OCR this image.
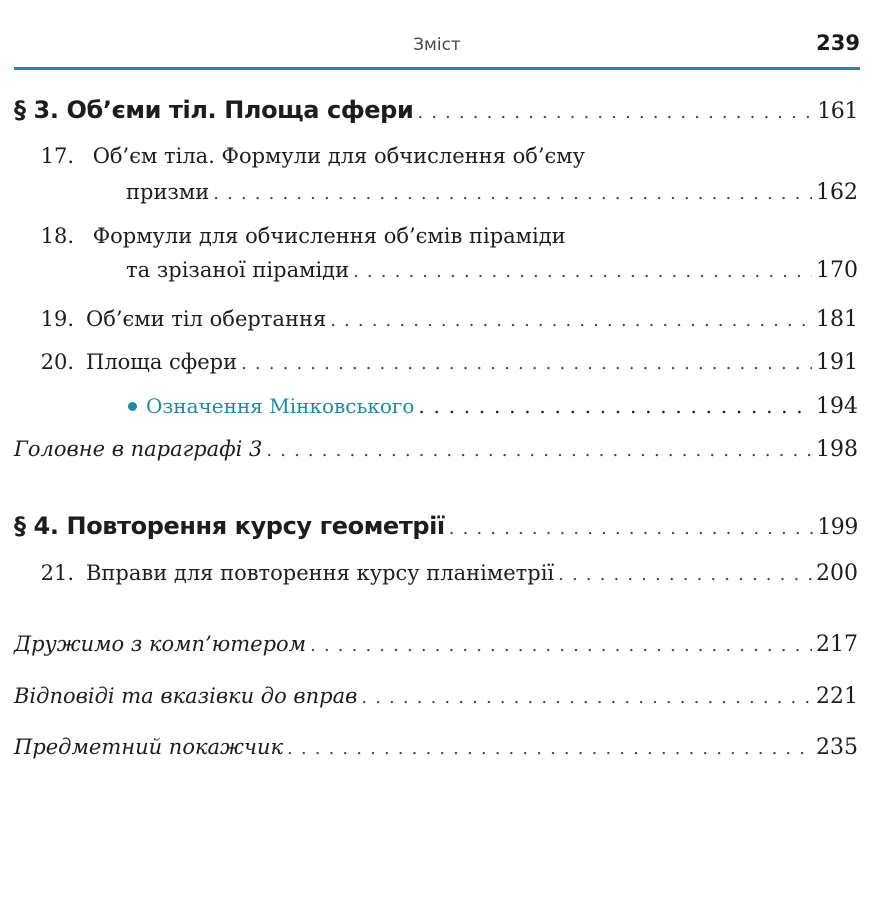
Зміст	239
§ 3. Об’єми тіл. Площа сфери . . .	161
17. Об’єм тіла. Формули для обчислення об’єму
призми . . .	162
18. Формули для обчислення об’ємів піраміди
та зрізаної піраміди . . .	170
19. Об’єми тіл обертання . . .	181
20. Площа сфери . . .	191
Означення Мінковського . . .	194
Головне в параграфі 3 . . .	198
§ 4. Повторення курсу геометрії . . .	199
21. Вправи для повторення курсу планіметрії . . .	200
Дружимо з комп’ютером . . .	217
Відповіді та вказівки до вправ . . .	221
Предметний покажчик . . .	235
